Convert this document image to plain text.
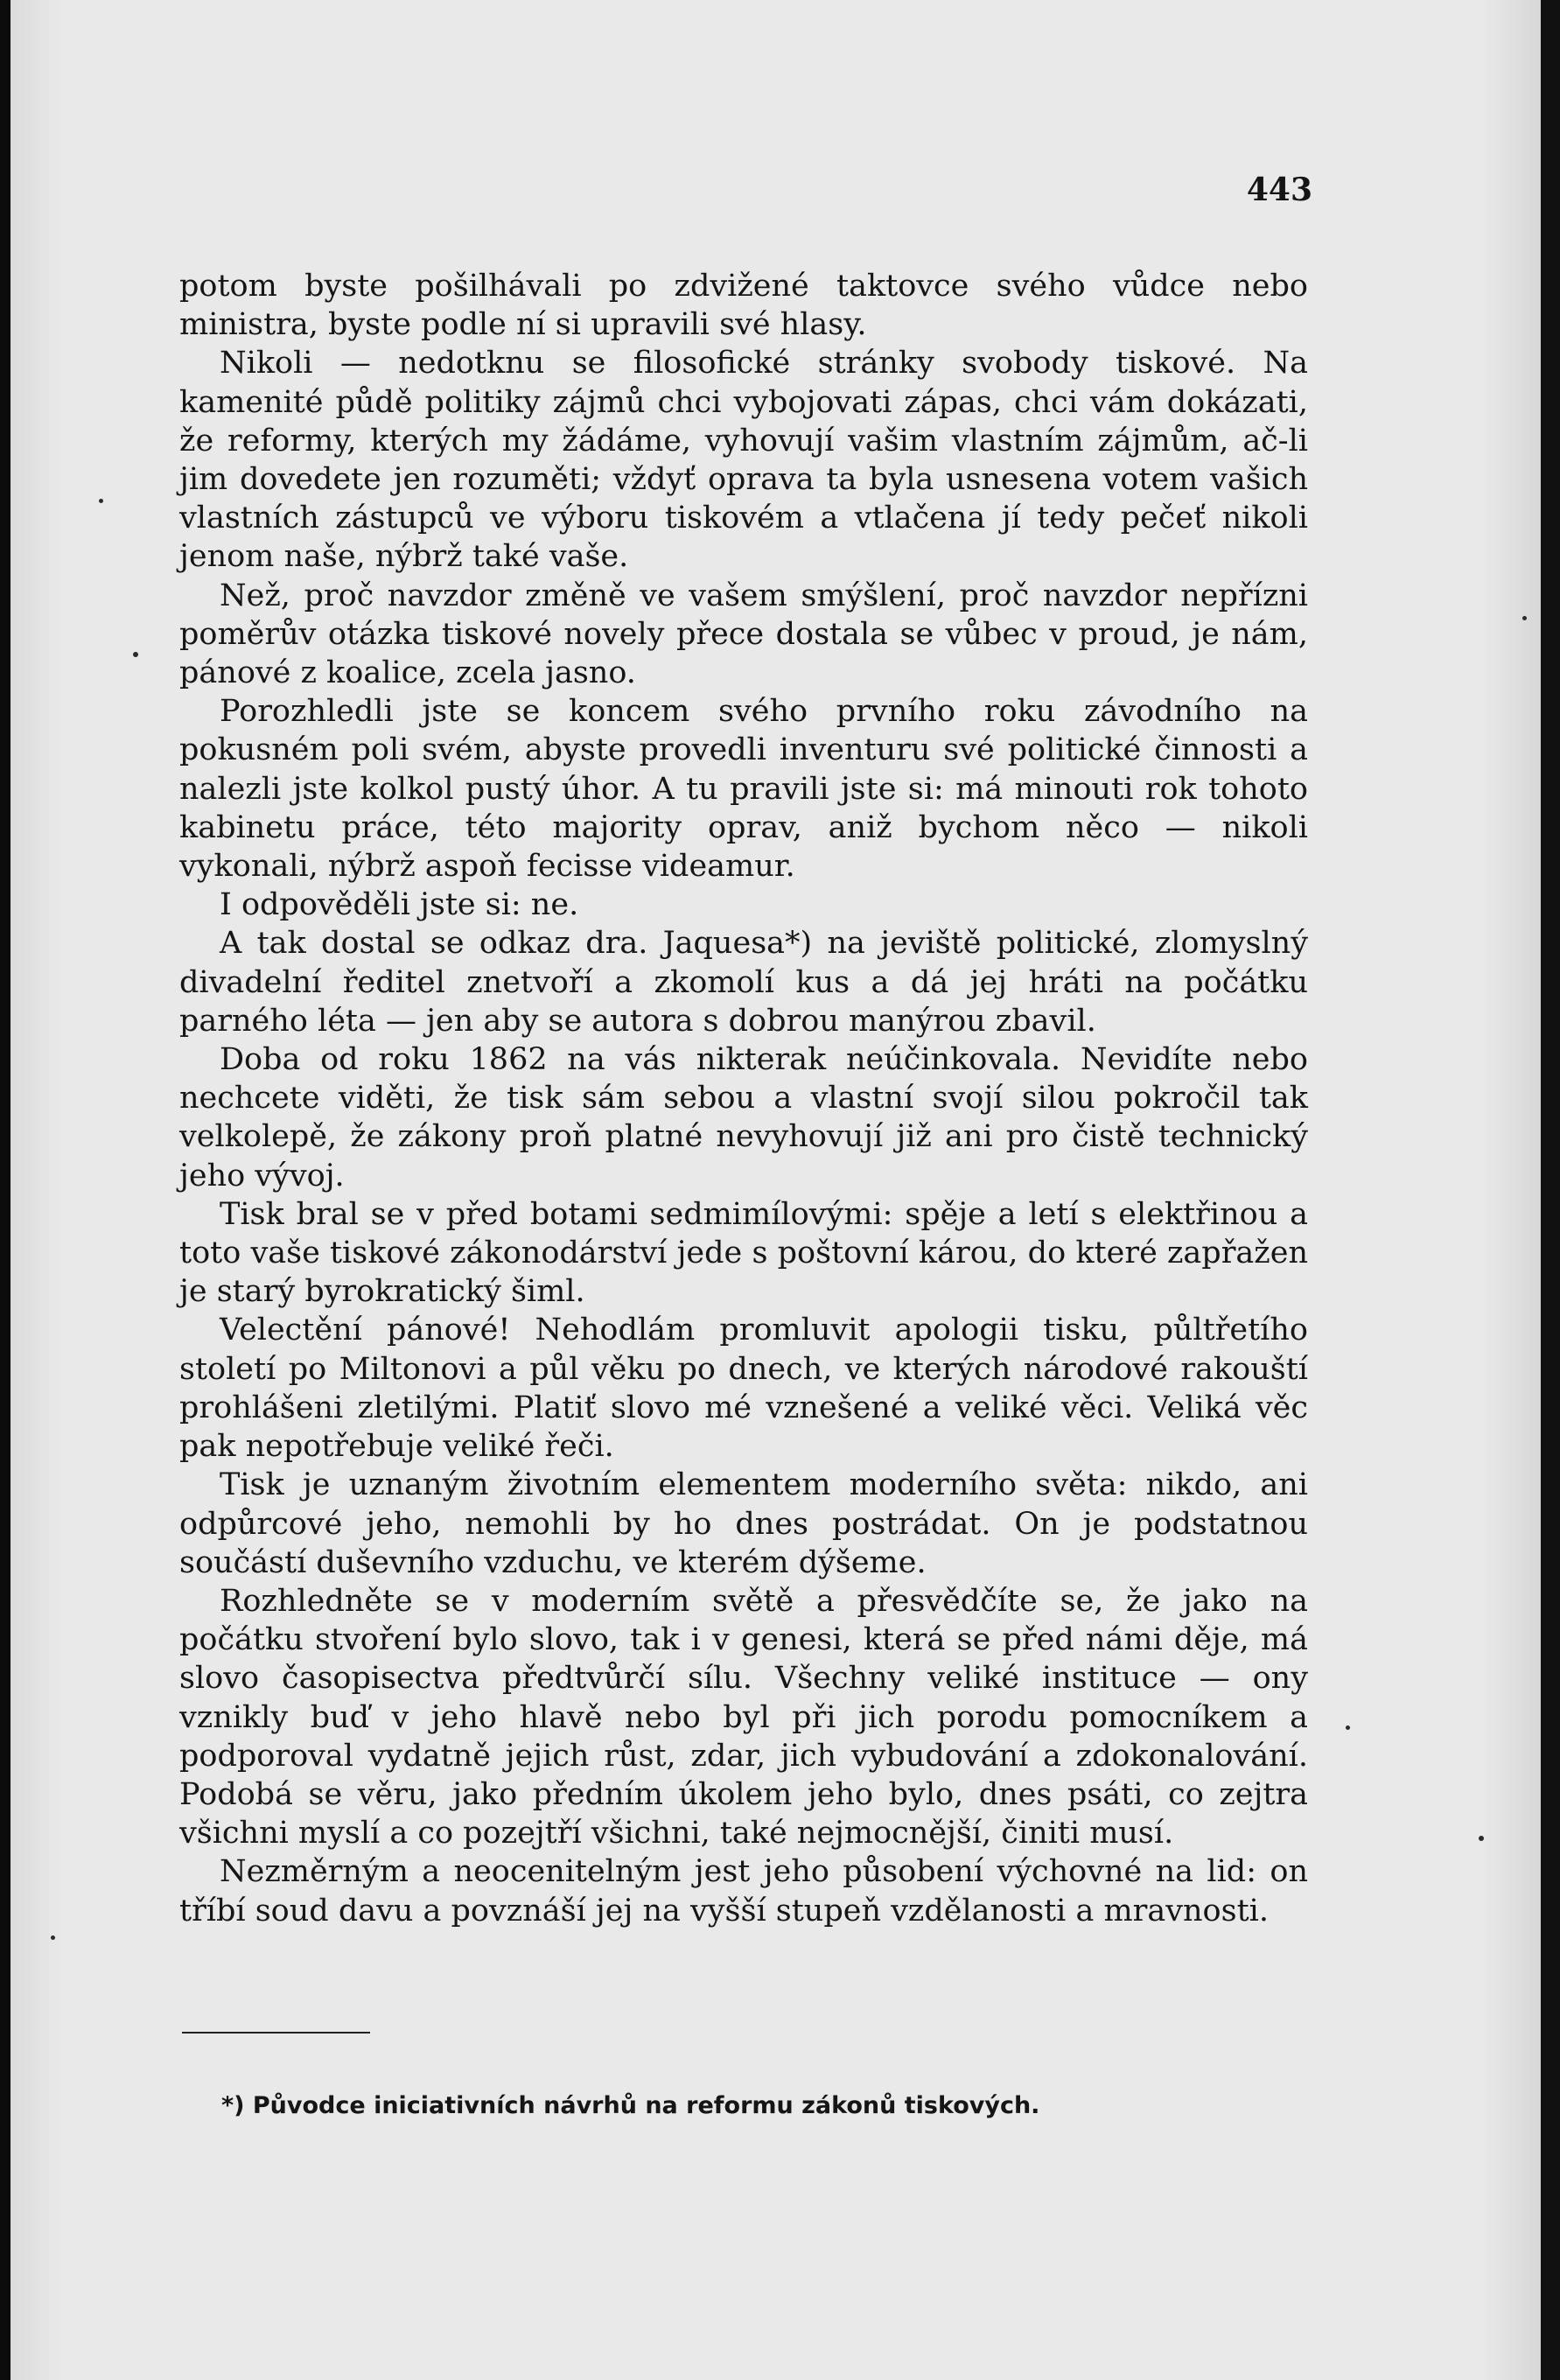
443

potom byste pošilhávali po zdvižené taktovce svého vůdce nebo ministra, byste podle ní si upravili své hlasy.

Nikoli — nedotknu se filosofické stránky svobody tiskové. Na kamenité půdě politiky zájmů chci vybojovati zápas, chci vám dokázati, že reformy, kterých my žádáme, vyhovují vašim vlastním zájmům, ač-li jim dovedete jen rozuměti; vždyť oprava ta byla usnesena votem vašich vlastních zástupců ve výboru tiskovém a vtlačena jí tedy pečeť nikoli jenom naše, nýbrž také vaše.

Než, proč navzdor změně ve vašem smýšlení, proč navzdor nepřízni poměrův otázka tiskové novely přece dostala se vůbec v proud, je nám, pánové z koalice, zcela jasno.

Porozhledli jste se koncem svého prvního roku závodního na pokusném poli svém, abyste provedli inventuru své politické činnosti a nalezli jste kolkol pustý úhor. A tu pravili jste si: má minouti rok tohoto kabinetu práce, této majority oprav, aniž bychom něco — nikoli vykonali, nýbrž aspoň fecisse videamur.

I odpověděli jste si: ne.

A tak dostal se odkaz dra. Jaquesa*) na jeviště politické, zlomyslný divadelní ředitel znetvoří a zkomolí kus a dá jej hráti na počátku parného léta — jen aby se autora s dobrou manýrou zbavil.

Doba od roku 1862 na vás nikterak neúčinkovala. Nevidíte nebo nechcete viděti, že tisk sám sebou a vlastní svojí silou pokročil tak velkolepě, že zákony proň platné nevyhovují již ani pro čistě technický jeho vývoj.

Tisk bral se v před botami sedmimílovými: spěje a letí s elektřinou a toto vaše tiskové zákonodárství jede s poštovní károu, do které zapřažen je starý byrokratický šiml.

Velectění pánové! Nehodlám promluvit apologii tisku, půltřetího století po Miltonovi a půl věku po dnech, ve kterých národové rakouští prohlášeni zletilými. Platiť slovo mé vznešené a veliké věci. Veliká věc pak nepotřebuje veliké řeči.

Tisk je uznaným životním elementem moderního světa: nikdo, ani odpůrcové jeho, nemohli by ho dnes postrádat. On je podstatnou součástí duševního vzduchu, ve kterém dýšeme.

Rozhledněte se v moderním světě a přesvědčíte se, že jako na počátku stvoření bylo slovo, tak i v genesi, která se před námi děje, má slovo časopisectva předtvůrčí sílu. Všechny veliké instituce — ony vznikly buď v jeho hlavě nebo byl při jich porodu pomocníkem a podporoval vydatně jejich růst, zdar, jich vybudování a zdokonalování. Podobá se věru, jako předním úkolem jeho bylo, dnes psáti, co zejtra všichni myslí a co pozejtří všichni, také nejmocnější, činiti musí.

Nezměrným a neocenitelným jest jeho působení výchovné na lid: on tříbí soud davu a povznáší jej na vyšší stupeň vzdělanosti a mravnosti.

*) Původce iniciativních návrhů na reformu zákonů tiskových.
